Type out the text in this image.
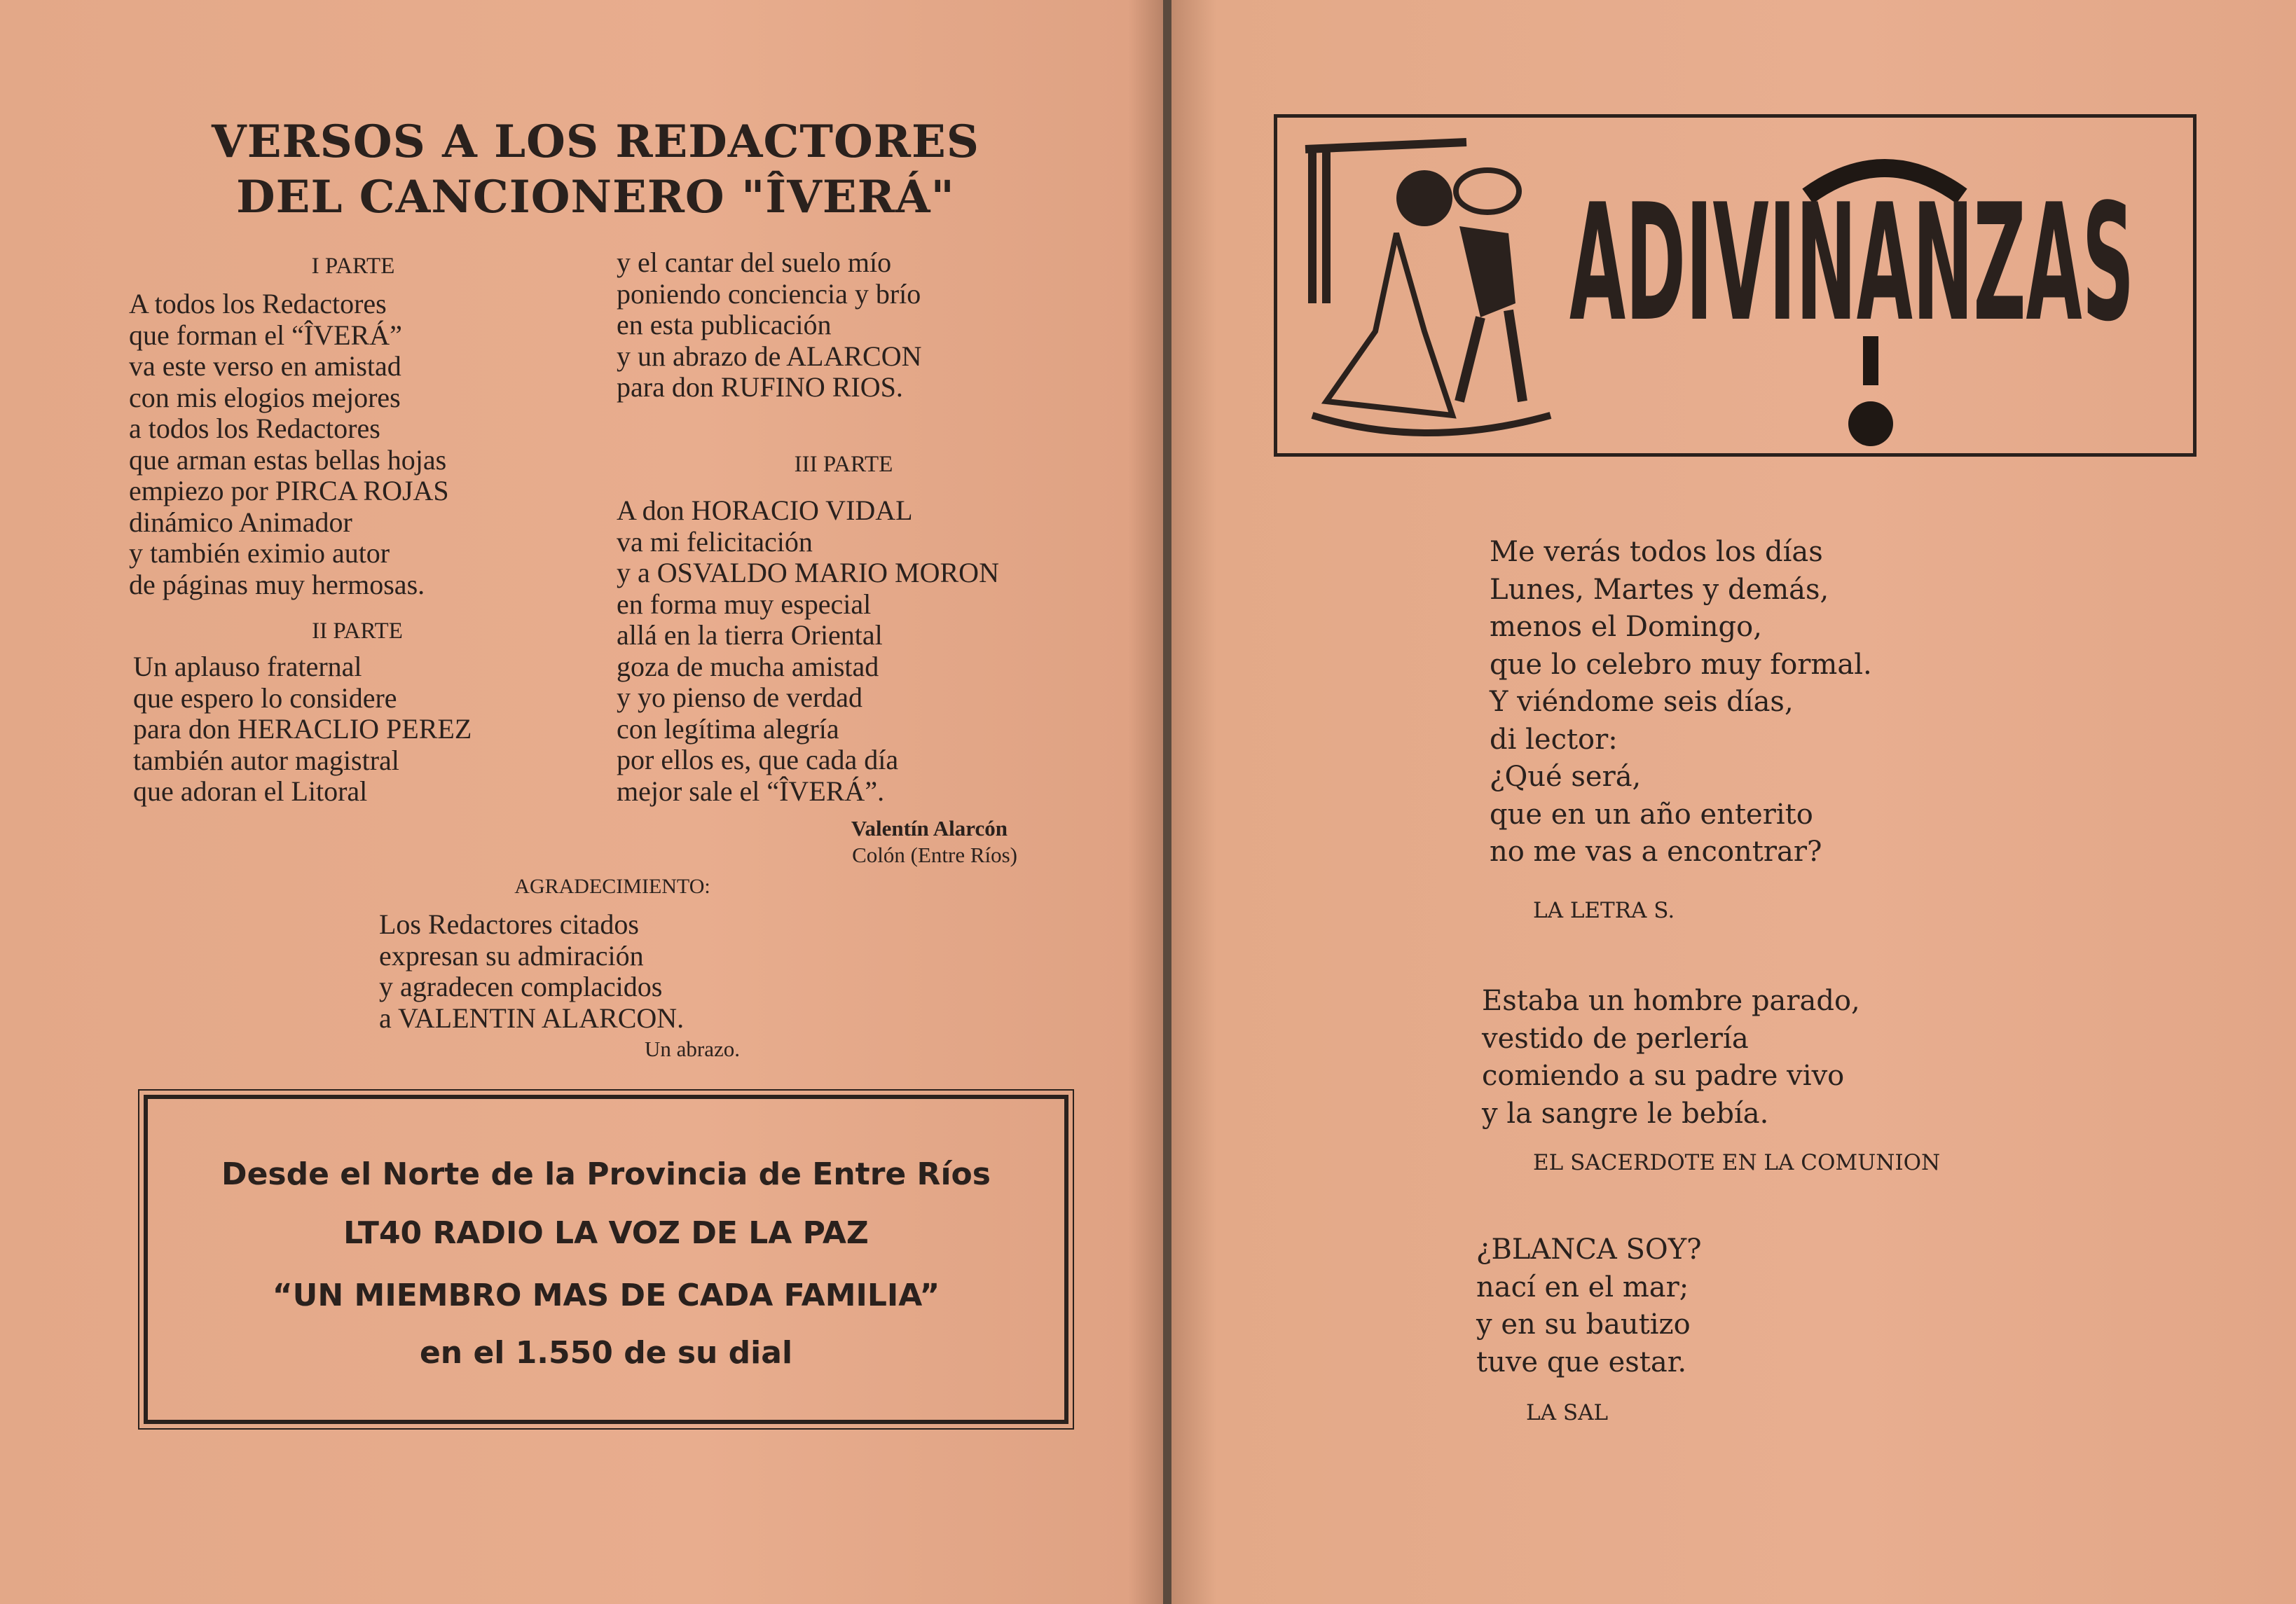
VERSOS A LOS REDACTORES
DEL CANCIONERO "ÎVERÁ"
I PARTE
A todos los Redactores
que forman el “ÎVERÁ”
va este verso en amistad
con mis elogios mejores
a todos los Redactores
que arman estas bellas hojas
empiezo por PIRCA ROJAS
dinámico Animador
y también eximio autor
de páginas muy hermosas.
y el cantar del suelo mío
poniendo conciencia y brío
en esta publicación
y un abrazo de ALARCON
para don RUFINO RIOS.
III PARTE
A don HORACIO VIDAL
va mi felicitación
y a OSVALDO MARIO MORON
en forma muy especial
allá en la tierra Oriental
goza de mucha amistad
y yo pienso de verdad
con legítima alegría
por ellos es, que cada día
mejor sale el “ÎVERÁ”.
II PARTE
Un aplauso fraternal
que espero lo considere
para don HERACLIO PEREZ
también autor magistral
que adoran el Litoral
Valentín Alarcón
Colón (Entre Ríos)
AGRADECIMIENTO:
Los Redactores citados
expresan su admiración
y agradecen complacidos
a VALENTIN ALARCON.
Un abrazo.
Desde el Norte de la Provincia de Entre Ríos
LT40 RADIO LA VOZ DE LA PAZ
“UN MIEMBRO MAS DE CADA FAMILIA”
en el 1.550 de su dial
ADIVINANZAS
Me verás todos los días
Lunes, Martes y demás,
menos el Domingo,
que lo celebro muy formal.
Y viéndome seis días,
di lector:
¿Qué será,
que en un año enterito
no me vas a encontrar?
LA LETRA S.
Estaba un hombre parado,
vestido de perlería
comiendo a su padre vivo
y la sangre le bebía.
EL SACERDOTE EN LA COMUNION
¿BLANCA SOY?
nací en el mar;
y en su bautizo
tuve que estar.
LA SAL
